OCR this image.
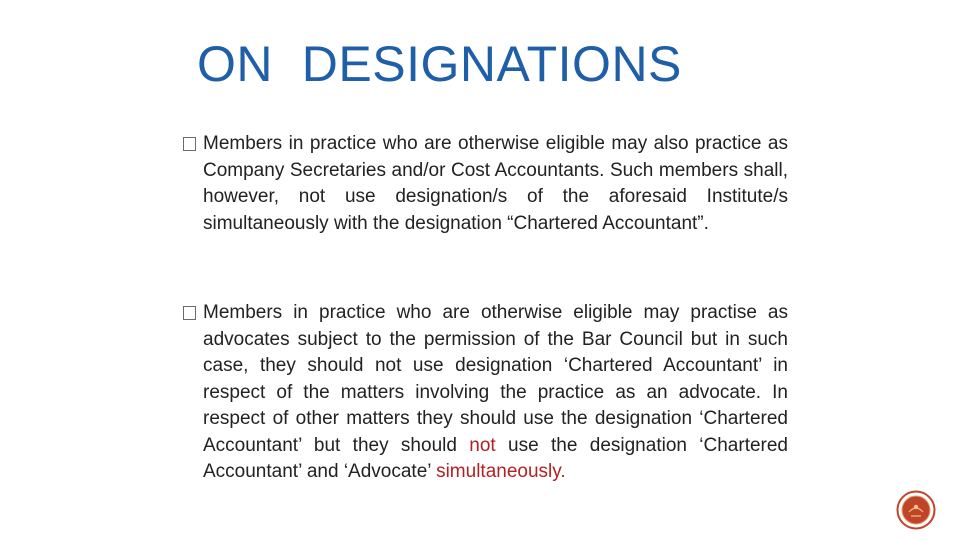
ON  DESIGNATIONS
Members in practice who are otherwise eligible may also practice as Company Secretaries and/or Cost Accountants. Such members shall, however, not use designation/s of the aforesaid Institute/s simultaneously with the designation “Chartered Accountant”.
Members in practice who are otherwise eligible may practise as advocates subject to the permission of the Bar Council but in such case, they should not use designation ‘Chartered Accountant’ in respect of the matters involving the practice as an advocate. In respect of other matters they should use the designation ‘Chartered Accountant’ but they should not use the designation ‘Chartered Accountant’ and ‘Advocate’ simultaneously.
